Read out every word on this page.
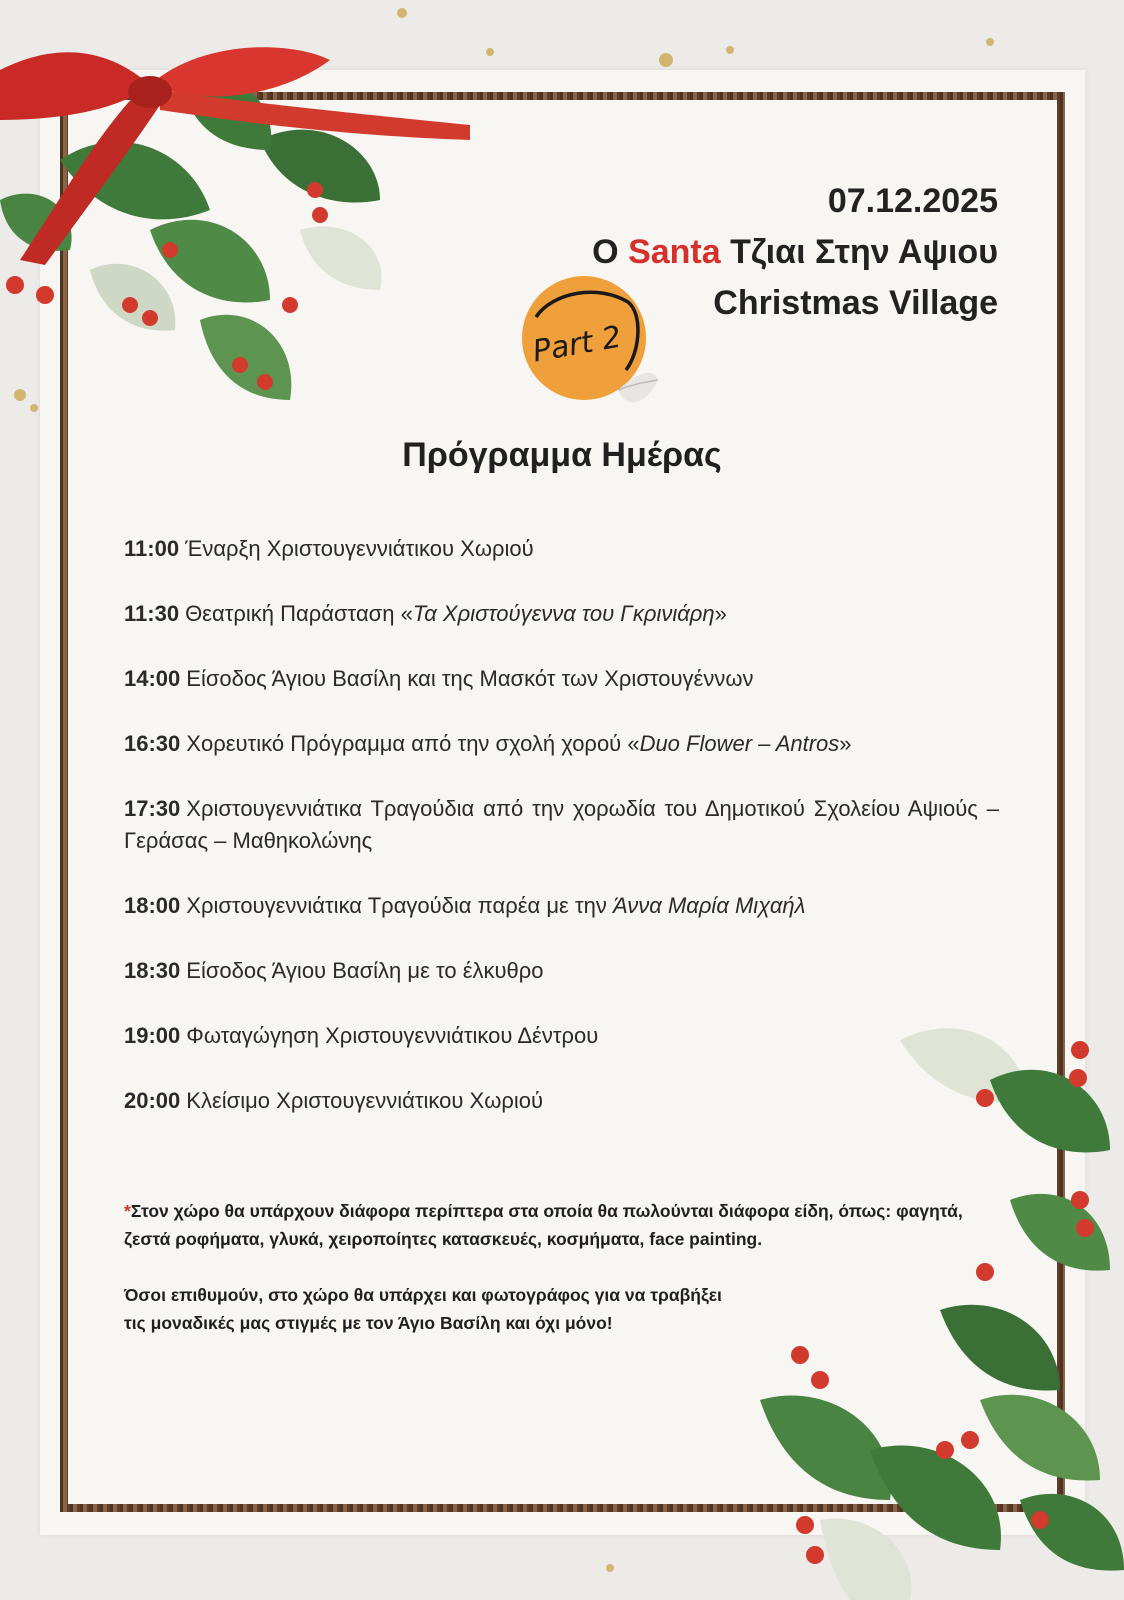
07.12.2025
Ο Santa Τζιαι Στην Αψιου
Christmas Village
Part 2
Πρόγραμμα Ημέρας
11:00 Έναρξη Χριστουγεννιάτικου Χωριού
11:30 Θεατρική Παράσταση «Τα Χριστούγεννα του Γκρινιάρη»
14:00 Είσοδος Άγιου Βασίλη και της Μασκότ των Χριστουγέννων
16:30 Χορευτικό Πρόγραμμα από την σχολή χορού «Duo Flower – Antros»
17:30 Χριστουγεννιάτικα Τραγούδια από την χορωδία του Δημοτικού Σχολείου Αψιούς – Γεράσας – Μαθηκολώνης
18:00 Χριστουγεννιάτικα Τραγούδια παρέα με την Άννα Μαρία Μιχαήλ
18:30 Είσοδος Άγιου Βασίλη με το έλκυθρο
19:00 Φωταγώγηση Χριστουγεννιάτικου Δέντρου
20:00 Κλείσιμο Χριστουγεννιάτικου Χωριού

*Στον χώρο θα υπάρχουν διάφορα περίπτερα στα οποία θα πωλούνται διάφορα είδη, όπως: φαγητά, ζεστά ροφήματα, γλυκά, χειροποίητες κατασκευές, κοσμήματα, face painting.

Όσοι επιθυμούν, στο χώρο θα υπάρχει και φωτογράφος για να τραβήξει τις μοναδικές μας στιγμές με τον Άγιο Βασίλη και όχι μόνο!
